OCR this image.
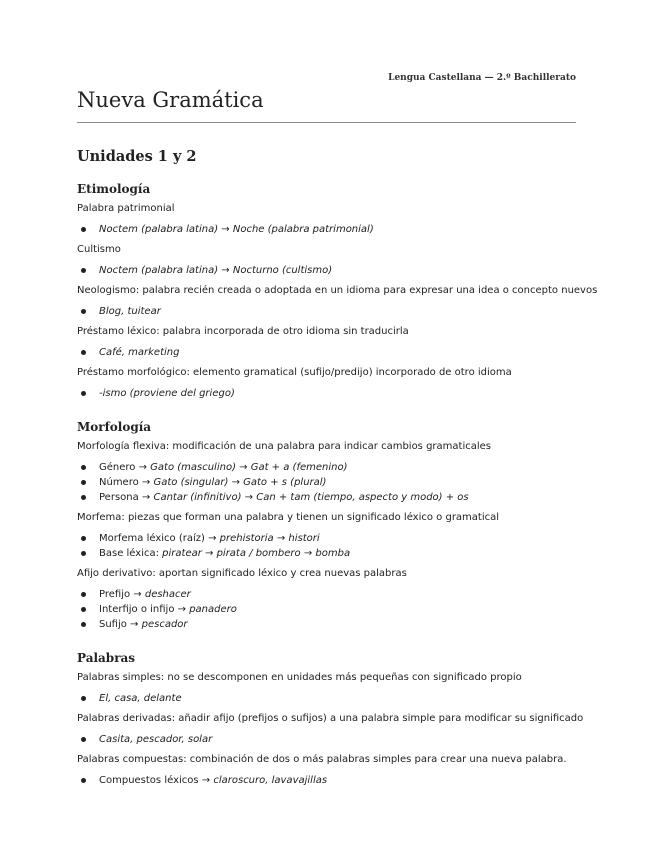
Lengua Castellana — 2.º Bachillerato
Nueva Gramática
Unidades 1 y 2
Etimología
Palabra patrimonial
Noctem (palabra latina) → Noche (palabra patrimonial)
Cultismo
Noctem (palabra latina) → Nocturno (cultismo)
Neologismo: palabra recién creada o adoptada en un idioma para expresar una idea o concepto nuevos
Blog, tuitear
Préstamo léxico: palabra incorporada de otro idioma sin traducirla
Café, marketing
Préstamo morfológico: elemento gramatical (sufijo/predijo) incorporado de otro idioma
-ismo (proviene del griego)
Morfología
Morfología flexiva: modificación de una palabra para indicar cambios gramaticales
Género → Gato (masculino) → Gat + a (femenino)
Número → Gato (singular) → Gato + s (plural)
Persona → Cantar (infinitivo) → Can + tam (tiempo, aspecto y modo) + os
Morfema: piezas que forman una palabra y tienen un significado léxico o gramatical
Morfema léxico (raíz) → prehistoria → histori
Base léxica: piratear → pirata / bombero → bomba
Afijo derivativo: aportan significado léxico y crea nuevas palabras
Prefijo → deshacer
Interfijo o infijo → panadero
Sufijo → pescador
Palabras
Palabras simples: no se descomponen en unidades más pequeñas con significado propio
El, casa, delante
Palabras derivadas: añadir afijo (prefijos o sufijos) a una palabra simple para modificar su significado
Casita, pescador, solar
Palabras compuestas: combinación de dos o más palabras simples para crear una nueva palabra.
Compuestos léxicos → claroscuro, lavavajillas
